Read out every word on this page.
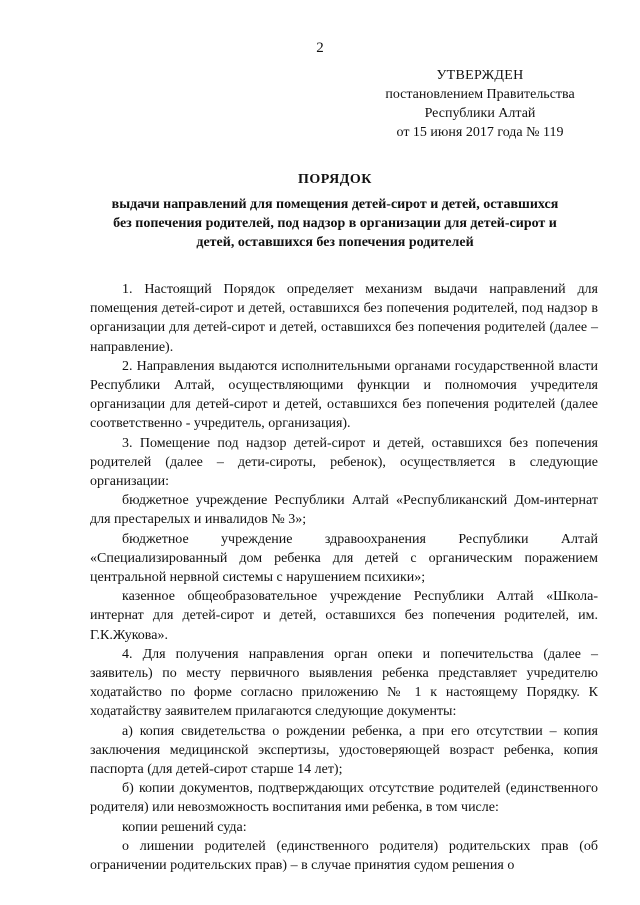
2
УТВЕРЖДЕН
постановлением Правительства
Республики Алтай
от 15 июня 2017 года № 119
ПОРЯДОК
выдачи направлений для помещения детей-сирот и детей, оставшихся
без попечения родителей, под надзор в организации для детей-сирот и
детей, оставшихся без попечения родителей

1. Настоящий Порядок определяет механизм выдачи направлений для помещения детей-сирот и детей, оставшихся без попечения родителей, под надзор в организации для детей-сирот и детей, оставшихся без попечения родителей (далее – направление).

2. Направления выдаются исполнительными органами государственной власти Республики Алтай, осуществляющими функции и полномочия учредителя организации для детей-сирот и детей, оставшихся без попечения родителей (далее соответственно - учредитель, организация).

3. Помещение под надзор детей-сирот и детей, оставшихся без попечения родителей (далее – дети-сироты, ребенок), осуществляется в следующие организации:

бюджетное учреждение Республики Алтай «Республиканский Дом-интернат для престарелых и инвалидов № 3»;

бюджетное учреждение здравоохранения Республики Алтай «Специализированный дом ребенка для детей с органическим поражением центральной нервной системы с нарушением психики»;

казенное общеобразовательное учреждение Республики Алтай «Школа-интернат для детей-сирот и детей, оставшихся без попечения родителей, им. Г.К.Жукова».

4. Для получения направления орган опеки и попечительства (далее – заявитель) по месту первичного выявления ребенка представляет учредителю ходатайство по форме согласно приложению № 1 к настоящему Порядку. К ходатайству заявителем прилагаются следующие документы:

а) копия свидетельства о рождении ребенка, а при его отсутствии – копия заключения медицинской экспертизы, удостоверяющей возраст ребенка, копия паспорта (для детей-сирот старше 14 лет);

б) копии документов, подтверждающих отсутствие родителей (единственного родителя) или невозможность воспитания ими ребенка, в том числе:

копии решений суда:

о лишении родителей (единственного родителя) родительских прав (об ограничении родительских прав) – в случае принятия судом решения о
